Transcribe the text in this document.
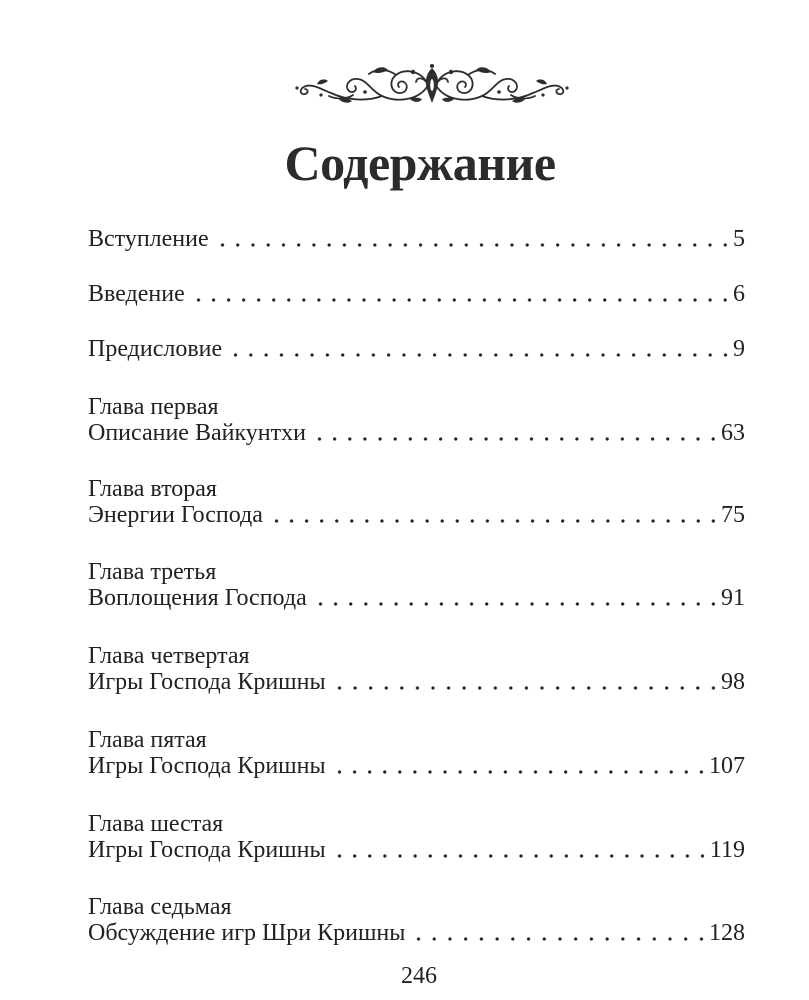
Содержание
Вступление	5
Введение	6
Предисловие	9
Глава первая
Описание Вайкунтхи	63
Глава вторая
Энергии Господа	75
Глава третья
Воплощения Господа	91
Глава четвертая
Игры Господа Кришны	98
Глава пятая
Игры Господа Кришны	107
Глава шестая
Игры Господа Кришны	119
Глава седьмая
Обсуждение игр Шри Кришны	128
246
